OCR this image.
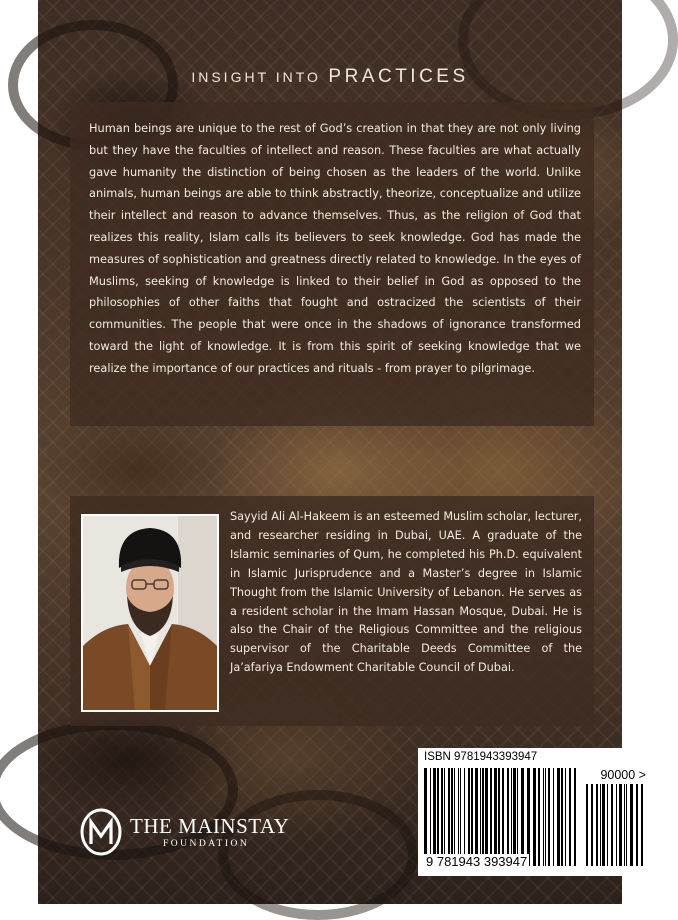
INSIGHT INTO PRACTICES

Human beings are unique to the rest of God’s creation in that they are not only living but they have the faculties of intellect and reason. These faculties are what actually gave humanity the distinction of being chosen as the leaders of the world. Unlike animals, human beings are able to think abstractly, theorize, conceptualize and utilize their intellect and reason to advance themselves. Thus, as the religion of God that realizes this reality, Islam calls its believers to seek knowledge. God has made the measures of sophistication and greatness directly related to knowledge. In the eyes of Muslims, seeking of knowledge is linked to their belief in God as opposed to the philosophies of other faiths that fought and ostracized the scientists of their communities. The people that were once in the shadows of ignorance transformed toward the light of knowledge. It is from this spirit of seeking knowledge that we realize the importance of our practices and rituals - from prayer to pilgrimage.

Sayyid Ali Al-Hakeem is an esteemed Muslim scholar, lecturer, and researcher residing in Dubai, UAE. A graduate of the Islamic seminaries of Qum, he completed his Ph.D. equivalent in Islamic Jurisprudence and a Master’s degree in Islamic Thought from the Islamic University of Lebanon. He serves as a resident scholar in the Imam Hassan Mosque, Dubai. He is also the Chair of the Religious Committee and the religious supervisor of the Charitable Deeds Committee of the Ja’afariya Endowment Charitable Council of Dubai.

THE MAINSTAY
FOUNDATION
ISBN 9781943393947
90000 >
9 781943 393947
